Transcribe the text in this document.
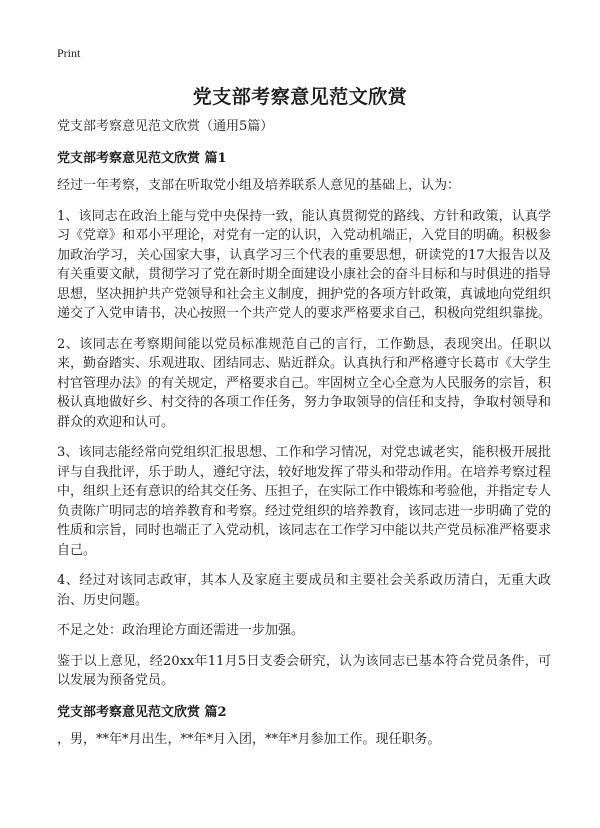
Print
党支部考察意见范文欣赏
党支部考察意见范文欣赏（通用5篇）
党支部考察意见范文欣赏 篇1

经过一年考察，支部在听取党小组及培养联系人意见的基础上，认为：

1、该同志在政治上能与党中央保持一致，能认真贯彻党的路线、方针和政策，认真学习《党章》和邓小平理论，对党有一定的认识，入党动机端正，入党目的明确。积极参加政治学习，关心国家大事，认真学习三个代表的重要思想，研读党的17大报告以及有关重要文献，贯彻学习了党在新时期全面建设小康社会的奋斗目标和与时俱进的指导思想，坚决拥护共产党领导和社会主义制度，拥护党的各项方针政策，真诚地向党组织递交了入党申请书，决心按照一个共产党人的要求严格要求自己，积极向党组织靠拢。

2、该同志在考察期间能以党员标准规范自己的言行，工作勤恳，表现突出。任职以来，勤奋踏实、乐观进取、团结同志、贴近群众。认真执行和严格遵守长葛市《大学生村官管理办法》的有关规定，严格要求自己。牢固树立全心全意为人民服务的宗旨，积极认真地做好乡、村交待的各项工作任务，努力争取领导的信任和支持，争取村领导和群众的欢迎和认可。

3、该同志能经常向党组织汇报思想、工作和学习情况，对党忠诚老实，能积极开展批评与自我批评，乐于助人，遵纪守法，较好地发挥了带头和带动作用。在培养考察过程中，组织上还有意识的给其交任务、压担子，在实际工作中锻炼和考验他，并指定专人负责陈广明同志的培养教育和考察。经过党组织的培养教育，该同志进一步明确了党的性质和宗旨，同时也端正了入党动机，该同志在工作学习中能以共产党员标准严格要求自己。

4、经过对该同志政审，其本人及家庭主要成员和主要社会关系政历清白，无重大政治、历史问题。

不足之处：政治理论方面还需进一步加强。

鉴于以上意见，经20xx年11月5日支委会研究，认为该同志已基本符合党员条件，可以发展为预备党员。

党支部考察意见范文欣赏 篇2

，男，**年*月出生，**年*月入团，**年*月参加工作。现任职务。
